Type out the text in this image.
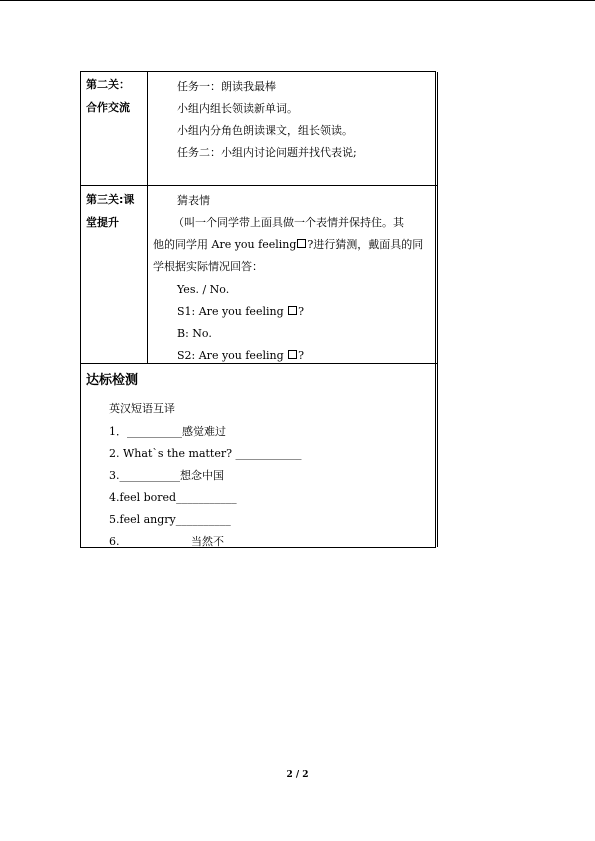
第二关：
合作交流
任务一：朗读我最棒
小组内组长领读新单词。
小组内分角色朗读课文，组长领读。
任务二：小组内讨论问题并找代表说;
第三关:课
堂提升
猜表情
（叫一个同学带上面具做一个表情并保持住。其
他的同学用 Are you feeling ?进行猜测，戴面具的同
学根据实际情况回答：
Yes. / No.
S1: Are you feeling ?
B: No.
S2: Are you feeling ?
达标检测
英汉短语互译
1．__________感觉难过
2. What`s the matter? ____________
3.___________想念中国
4.feel bored___________
5.feel angry__________
6._____________当然不
2 / 2
